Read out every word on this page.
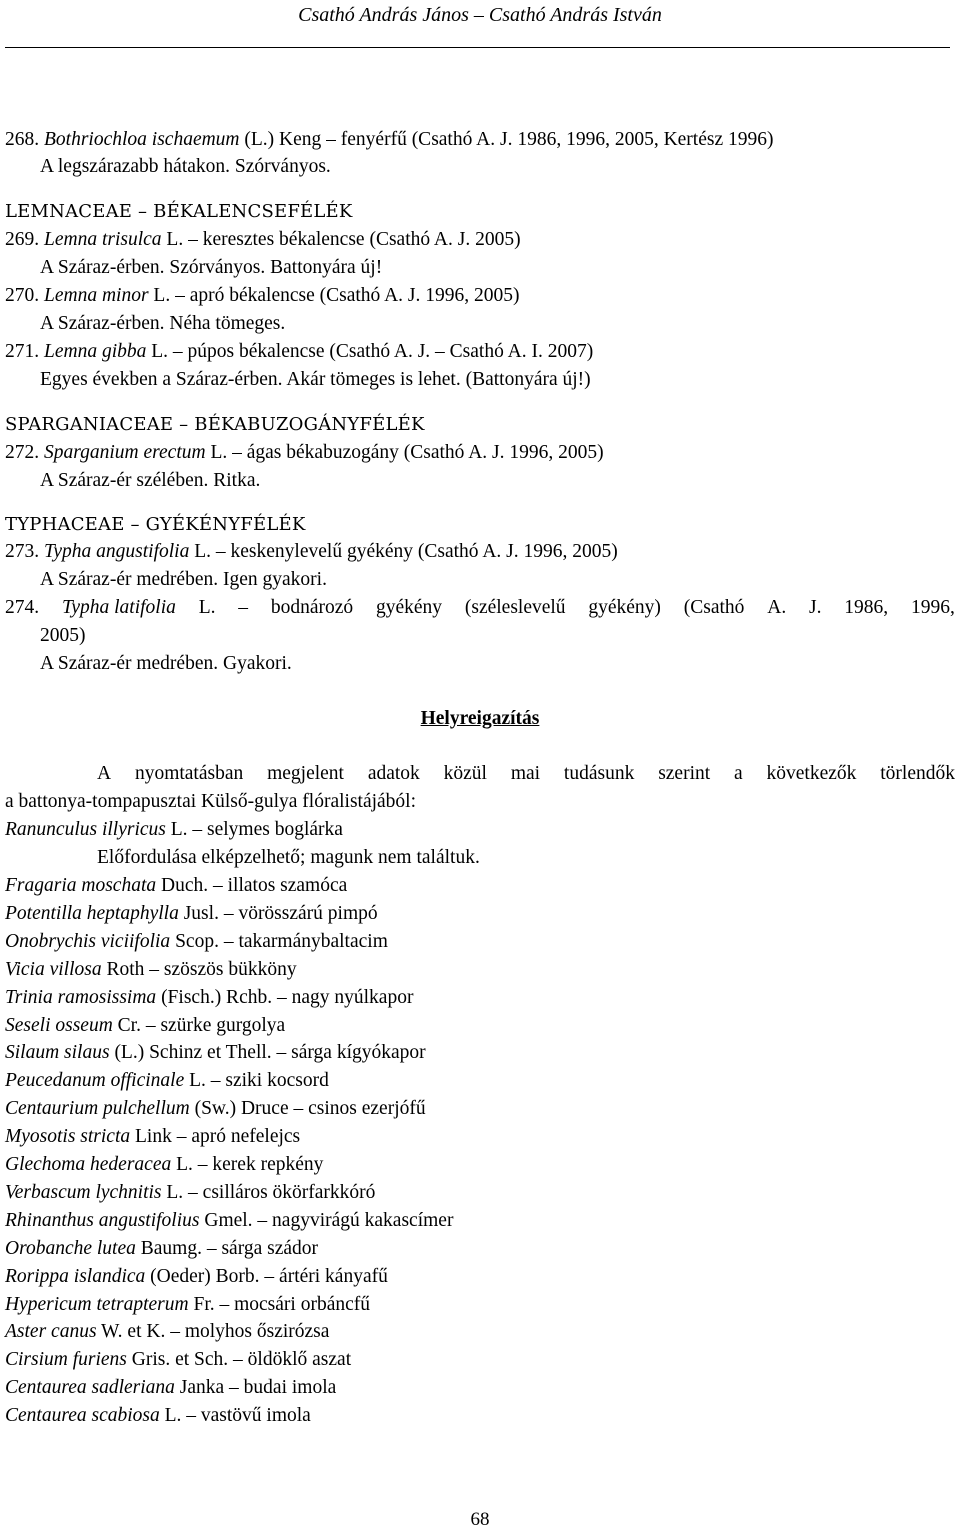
Csathó András János – Csathó András István
268. Bothriochloa ischaemum (L.) Keng – fenyérfű (Csathó A. J. 1986, 1996, 2005, Kertész 1996)
A legszárazabb hátakon. Szórványos.
LEMNACEAE – BÉKALENCSEFÉLÉK
269. Lemna trisulca L. – keresztes békalencse (Csathó A. J. 2005)
A Száraz-érben. Szórványos. Battonyára új!
270. Lemna minor L. – apró békalencse (Csathó A. J. 1996, 2005)
A Száraz-érben. Néha tömeges.
271. Lemna gibba L. – púpos békalencse (Csathó A. J. – Csathó A. I. 2007)
Egyes években a Száraz-érben. Akár tömeges is lehet. (Battonyára új!)
SPARGANIACEAE – BÉKABUZOGÁNYFÉLÉK
272. Sparganium erectum L. – ágas békabuzogány (Csathó A. J. 1996, 2005)
A Száraz-ér szélében. Ritka.
TYPHACEAE – GYÉKÉNYFÉLÉK
273. Typha angustifolia L. – keskenylevelű gyékény (Csathó A. J. 1996, 2005)
A Száraz-ér medrében. Igen gyakori.
274. Typha latifolia L. – bodnározó gyékény (széleslevelű gyékény) (Csathó A. J. 1986, 1996,
2005)
A Száraz-ér medrében. Gyakori.
Helyreigazítás
A nyomtatásban megjelent adatok közül mai tudásunk szerint a következők törlendők
a battonya-tompapusztai Külső-gulya flóralistájából:
Ranunculus illyricus L. – selymes boglárka
Fragaria moschata Duch. – illatos szamóca
Potentilla heptaphylla Jusl. – vörösszárú pimpó
Onobrychis viciifolia Scop. – takarmánybaltacim
Vicia villosa Roth – szöszös bükköny
Trinia ramosissima (Fisch.) Rchb. – nagy nyúlkapor
Seseli osseum Cr. – szürke gurgolya
Silaum silaus (L.) Schinz et Thell. – sárga kígyókapor
Peucedanum officinale L. – sziki kocsord
Centaurium pulchellum (Sw.) Druce – csinos ezerjófű
Myosotis stricta Link – apró nefelejcs
Glechoma hederacea L. – kerek repkény
Verbascum lychnitis L. – csilláros ökörfarkkóró
Rhinanthus angustifolius Gmel. – nagyvirágú kakascímer
Orobanche lutea Baumg. – sárga szádor
Rorippa islandica (Oeder) Borb. – ártéri kányafű
Hypericum tetrapterum Fr. – mocsári orbáncfű
Aster canus W. et K. – molyhos őszirózsa
Cirsium furiens Gris. et Sch. – öldöklő aszat
Centaurea sadleriana Janka – budai imola
Centaurea scabiosa L. – vastövű imola
Előfordulása elképzelhető; magunk nem találtuk.
68
